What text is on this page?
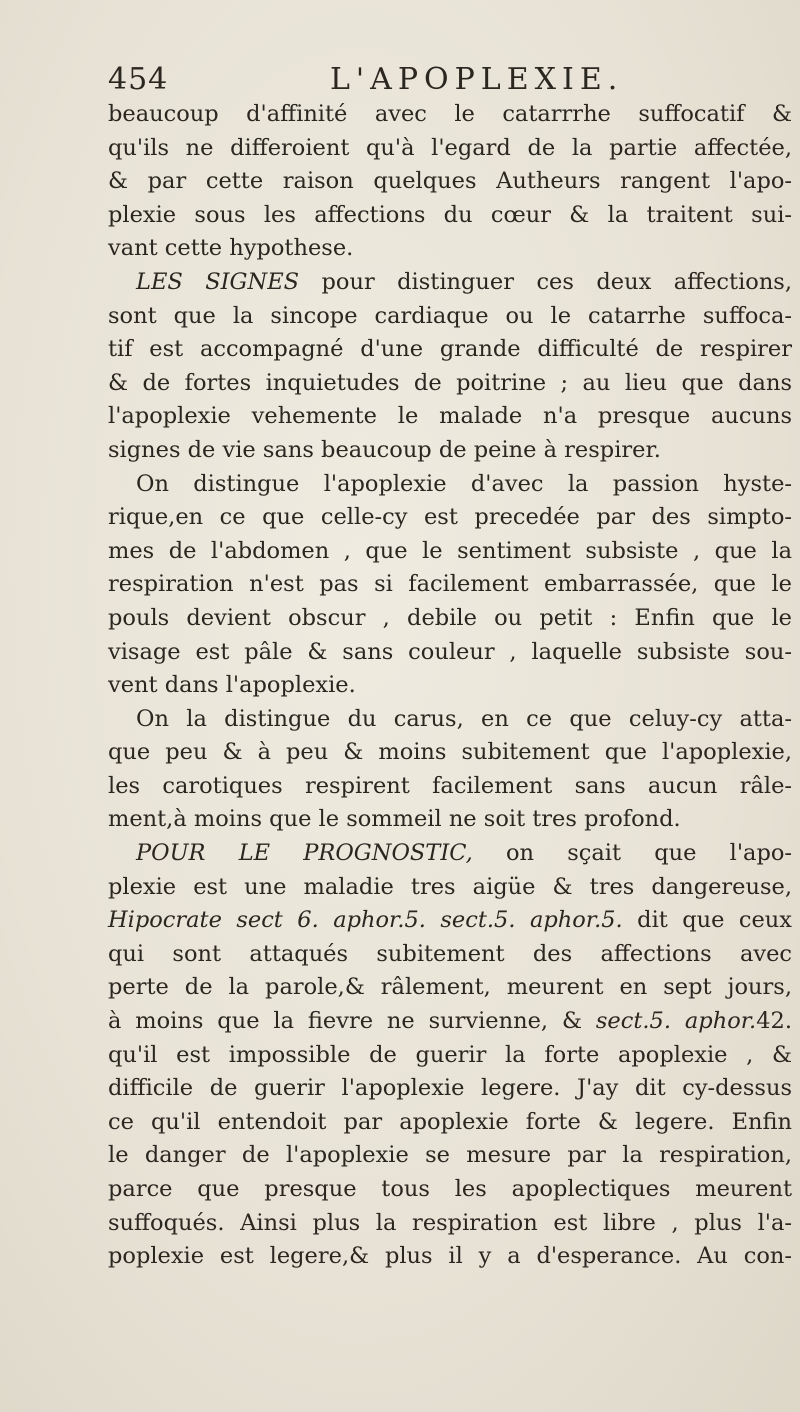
454	L'APOPLEXIE.
beaucoup d'affinité avec le catarrrhe suffocatif &
qu'ils ne differoient qu'à l'egard de la partie affectée,
& par cette raison quelques Autheurs rangent l'apo-
plexie sous les affections du cœur & la traitent sui-
vant cette hypothese.
LES SIGNES pour distinguer ces deux affections,
sont que la sincope cardiaque ou le catarrhe suffoca-
tif est accompagné d'une grande difficulté de respirer
& de fortes inquietudes de poitrine ; au lieu que dans
l'apoplexie vehemente le malade n'a presque aucuns
signes de vie sans beaucoup de peine à respirer.
On distingue l'apoplexie d'avec la passion hyste-
rique,en ce que celle-cy est precedée par des simpto-
mes de l'abdomen , que le sentiment subsiste , que la
respiration n'est pas si facilement embarrassée, que le
pouls devient obscur , debile ou petit : Enfin que le
visage est pâle & sans couleur , laquelle subsiste sou-
vent dans l'apoplexie.
On la distingue du carus, en ce que celuy-cy atta-
que peu & à peu & moins subitement que l'apoplexie,
les carotiques respirent facilement sans aucun râle-
ment,à moins que le sommeil ne soit tres profond.
POUR LE PROGNOSTIC, on sçait que l'apo-
plexie est une maladie tres aigüe & tres dangereuse,
Hipocrate sect 6. aphor.5. sect.5. aphor.5. dit que ceux
qui sont attaqués subitement des affections avec
perte de la parole,& râlement, meurent en sept jours,
à moins que la fievre ne survienne, & sect.5. aphor.42.
qu'il est impossible de guerir la forte apoplexie , &
difficile de guerir l'apoplexie legere. J'ay dit cy-dessus
ce qu'il entendoit par apoplexie forte & legere. Enfin
le danger de l'apoplexie se mesure par la respiration,
parce que presque tous les apoplectiques meurent
suffoqués. Ainsi plus la respiration est libre , plus l'a-
poplexie est legere,& plus il y a d'esperance. Au con-
